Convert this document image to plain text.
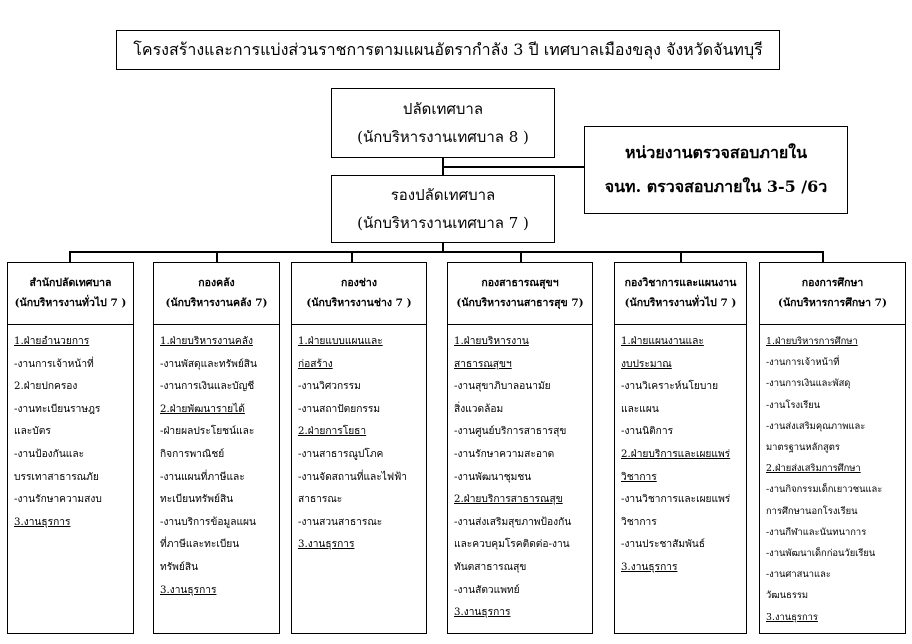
โครงสร้างและการแบ่งส่วนราชการตามแผนอัตรากำลัง 3 ปี เทศบาลเมืองขลุง จังหวัดจันทบุรี
ปลัดเทศบาล
(นักบริหารงานเทศบาล 8 )
รองปลัดเทศบาล
(นักบริหารงานเทศบาล 7 )
หน่วยงานตรวจสอบภายใน
จนท. ตรวจสอบภายใน 3-5 /6ว
สำนักปลัดเทศบาล
(นักบริหารงานทั่วไป 7 )
1.ฝ่ายอำนวยการ
-งานการเจ้าหน้าที่
2.ฝ่ายปกครอง
-งานทะเบียนราษฎร
และบัตร
-งานป้องกันและ
บรรเทาสาธารณภัย
-งานรักษาความสงบ
3.งานธุรการ
กองคลัง
(นักบริหารงานคลัง 7)
1.ฝ่ายบริหารงานคลัง
-งานพัสดุและทรัพย์สิน
-งานการเงินและบัญชี
2.ฝ่ายพัฒนารายได้
-ฝ่ายผลประโยชน์และ
กิจการพาณิชย์
-งานแผนที่ภาษีและ
ทะเบียนทรัพย์สิน
-งานบริการข้อมูลแผน
ที่ภาษีและทะเบียน
ทรัพย์สิน
3.งานธุรการ
กองช่าง
(นักบริหารงานช่าง 7 )
1.ฝ่ายแบบแผนและ
ก่อสร้าง
-งานวิศวกรรม
-งานสถาปัตยกรรม
2.ฝ่ายการโยธา
-งานสาธารณูปโภค
-งานจัดสถานที่และไฟฟ้า
สาธารณะ
-งานสวนสาธารณะ
3.งานธุรการ
กองสาธารณสุขฯ
(นักบริหารงานสาธารสุข 7)
1.ฝ่ายบริหารงาน
สาธารณสุขฯ
-งานสุขาภิบาลอนามัย
สิ่งแวดล้อม
-งานศูนย์บริการสาธารสุข
-งานรักษาความสะอาด
-งานพัฒนาชุมชน
2.ฝ่ายบริการสาธารณสุข
-งานส่งเสริมสุขภาพป้องกัน
และควบคุมโรคติดต่อ-งาน
ทันตสาธารณสุข
-งานสัตวแพทย์
3.งานธุรการ
กองวิชาการและแผนงาน
(นักบริหารงานทั่วไป 7 )
1.ฝ่ายแผนงานและ
งบประมาณ
-งานวิเคราะห์นโยบาย
และแผน
-งานนิติการ
2.ฝ่ายบริการและเผยแพร่
วิชาการ
-งานวิชาการและเผยแพร่
วิชาการ
-งานประชาสัมพันธ์
3.งานธุรการ
กองการศึกษา
(นักบริหารการศึกษา 7)
1.ฝ่ายบริหารการศึกษา
-งานการเจ้าหน้าที่
-งานการเงินและพัสดุ
-งานโรงเรียน
-งานส่งเสริมคุณภาพและ
มาตรฐานหลักสูตร
2.ฝ่ายส่งเสริมการศึกษา
-งานกิจกรรมเด็กเยาวชนและ
การศึกษานอกโรงเรียน
-งานกีฬาและนันทนาการ
-งานพัฒนาเด็กก่อนวัยเรียน
-งานศาสนาและ
วัฒนธรรม
3.งานธุรการ
